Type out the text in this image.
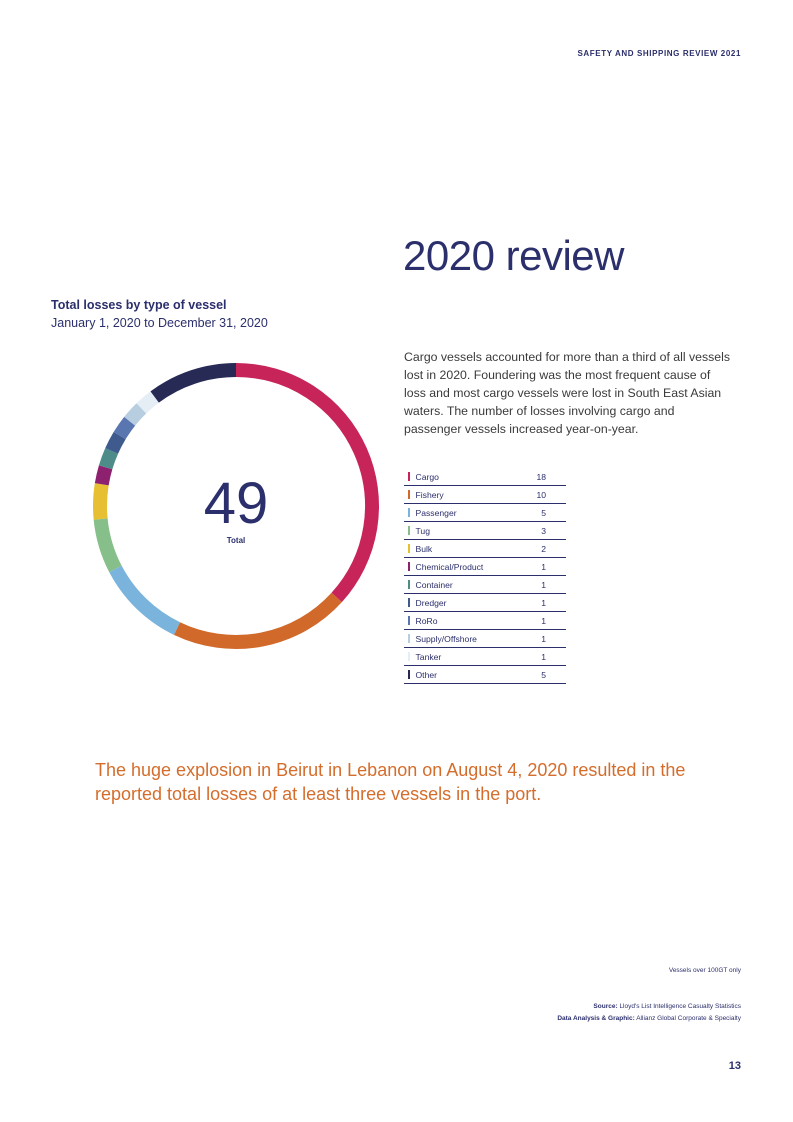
SAFETY AND SHIPPING REVIEW 2021
2020 review
Total losses by type of vessel
January 1, 2020 to December 31, 2020

Cargo vessels accounted for more than a third of all vessels lost in 2020. Foundering was the most frequent cause of loss and most cargo vessels were lost in South East Asian waters. The number of losses involving cargo and passenger vessels increased year-on-year.

49
Total
Cargo	18
Fishery	10
Passenger	5
Tug	3
Bulk	2
Chemical/Product	1
Container	1
Dredger	1
RoRo	1
Supply/Offshore	1
Tanker	1
Other	5

The huge explosion in Beirut in Lebanon on August 4, 2020 resulted in the reported total losses of at least three vessels in the port.

Vessels over 100GT only
Source: Lloyd's List Intelligence Casualty Statistics
Data Analysis & Graphic: Allianz Global Corporate & Specialty
13
